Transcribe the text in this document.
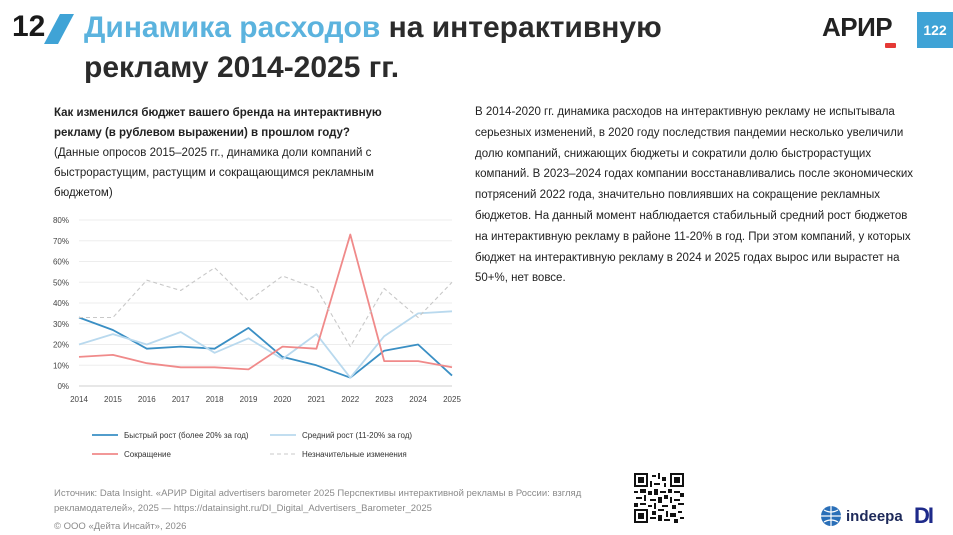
12 Динамика расходов на интерактивную рекламу 2014-2025 гг.
АРИР	122
Как изменился бюджет вашего бренда на интерактивную рекламу (в рублевом выражении) в прошлом году? (Данные опросов 2015–2025 гг., динамика доли компаний с быстрорастущим, растущим и сокращающимся рекламным бюджетом)
В 2014-2020 гг. динамика расходов на интерактивную рекламу не испытывала серьезных изменений, в 2020 году последствия пандемии несколько увеличили долю компаний, снижающих бюджеты и сократили долю быстрорастущих компаний. В 2023–2024 годах компании восстанавливались после экономических потрясений 2022 года, значительно повлиявших на сокращение рекламных бюджетов. На данный момент наблюдается стабильный средний рост бюджетов на интерактивную рекламу в районе 11-20% в год. При этом компаний, у которых бюджет на интерактивную рекламу в 2024 и 2025 годах вырос или вырастет на 50+%, нет вовсе.
0%
10%
20%
30%
40%
50%
60%
70%
80%
2014 2015 2016 2017 2018 2019 2020 2021 2022 2023 2024 2025
Быстрый рост (более 20% за год)	Средний рост (11-20% за год)
Сокращение	Незначительные изменения
Источник: Data Insight. «АРИР Digital advertisers barometer 2025 Перспективы интерактивной рекламы в России: взгляд рекламодателей», 2025 — https://datainsight.ru/DI_Digital_Advertisers_Barometer_2025
© ООО «Дейта Инсайт», 2026
indeepa DI
